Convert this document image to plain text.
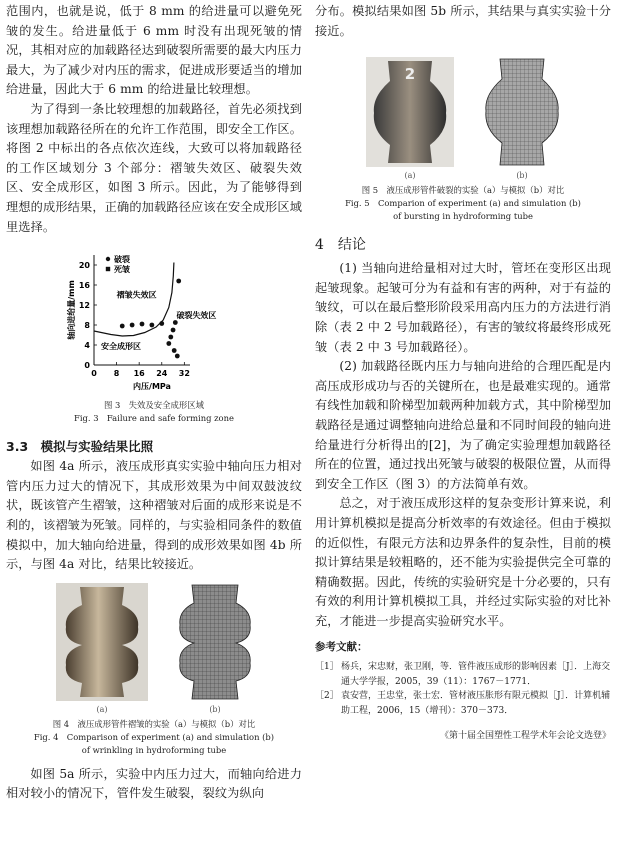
范围内，也就是说，低于 8 mm 的给进量可以避免死皱的发生。给进量低于 6 mm 时没有出现死皱的情况，其相对应的加载路径达到破裂所需要的最大内压力最大，为了减少对内压的需求，促进成形要适当的增加给进量，因此大于 6 mm 的给进量比较理想。

为了得到一条比较理想的加载路径，首先必须找到该理想加载路径所在的允许工作范围，即安全工作区。将图 2 中标出的各点依次连线，大致可以将加载路径的工作区域划分 3 个部分：褶皱失效区、破裂失效区、安全成形区，如图 3 所示。因此，为了能够得到理想的成形结果，正确的加载路径应该在安全成形区域里选择。

0 8 16 24 32
0
4
8
12
16
20
内压/MPa
轴向进给量/mm
破裂
死皱
褶皱失效区
破裂失效区
安全成形区
图 3　失效及安全成形区域
Fig. 3　Failure and safe forming zone
3.3　模拟与实验结果比照

如图 4a 所示，液压成形真实实验中轴向压力相对管内压力过大的情况下，其成形效果为中间双鼓波纹状，既该管产生褶皱，这种褶皱对后面的成形来说是不利的，该褶皱为死皱。同样的，与实验相同条件的数值模拟中，加大轴向给进量，得到的成形效果如图 4b 所示，与图 4a 对比，结果比较接近。

(a)	(b)
图 4　液压成形管件褶皱的实验（a）与模拟（b）对比
Fig. 4　Comparison of experiment (a) and simulation (b)
of wrinkling in hydroforming tube

如图 5a 所示，实验中内压力过大，而轴向给进力相对较小的情况下，管件发生破裂，裂纹为纵向

分布。模拟结果如图 5b 所示，其结果与真实实验十分接近。

2
(a)	(b)
图 5　液压成形管件破裂的实验（a）与模拟（b）对比
Fig. 5　Comparion of experiment (a) and simulation (b)
of bursting in hydroforming tube
4　结论

(1) 当轴向进给量相对过大时，管坯在变形区出现起皱现象。起皱可分为有益和有害的两种，对于有益的皱纹，可以在最后整形阶段采用高内压力的方法进行消除（表 2 中 2 号加载路径），有害的皱纹将最终形成死皱（表 2 中 3 号加载路径）。

(2) 加载路径既内压力与轴向进给的合理匹配是内高压成形成功与否的关键所在，也是最难实现的。通常有线性加载和阶梯型加载两种加载方式，其中阶梯型加载路径是通过调整轴向进给总量和不同时间段的轴向进给量进行分析得出的[2]，为了确定实验理想加载路径所在的位置，通过找出死皱与破裂的极限位置，从而得到安全工作区（图 3）的方法简单有效。

总之，对于液压成形这样的复杂变形计算来说，利用计算机模拟是提高分析效率的有效途径。但由于模拟的近似性，有限元方法和边界条件的复杂性，目前的模拟计算结果是较粗略的，还不能为实验提供完全可靠的精确数据。因此，传统的实验研究是十分必要的，只有有效的利用计算机模拟工具，并经过实际实验的对比补充，才能进一步提高实验研究水平。

参考文献：
［1］ 杨兵，宋忠财，张卫刚，等．管件液压成形的影响因素［J］．上海交通大学学报，2005，39（11）：1767－1771．
［2］ 袁安营，王忠堂，张士宏．管材液压胀形有限元模拟［J］．计算机辅助工程，2006，15（增刊）：370－373．
《第十届全国塑性工程学术年会论文选登》
